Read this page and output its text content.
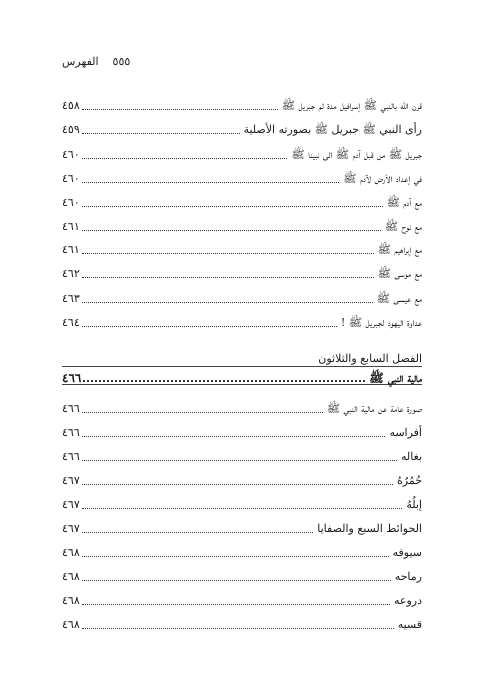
الفهرس ٥٥٥
الفصل السابع والثلاثون
قرن الله بالنبي ﷺ إسرافيل مدة ثم جبريل ﷺ
٤٥٨
رأى النبي ﷺ جبريل ﷺ بصورته الأصلية
٤٥٩
جبريل ﷺ من قبل آدم ﷺ الى نبينا ﷺ
٤٦٠
في إعداد الأرض لآدم ﷺ
٤٦٠
مع آدم ﷺ
٤٦٠
مع نوح ﷺ
٤٦١
مع إبراهيم ﷺ
٤٦١
مع موسى ﷺ
٤٦٢
مع عيسى ﷺ
٤٦٣
عداوة اليهود لجبريل ﷺ !
٤٦٤
مالية النبي ﷺ
٤٦٦
صورة عامة عن مالية النبي ﷺ
٤٦٦
أفراسه
٤٦٦
بغاله
٤٦٦
حُمُرُهُ
٤٦٧
إبلُهُ
٤٦٧
الحوائط السبع والصفايا
٤٦٧
سيوفه
٤٦٨
رماحه
٤٦٨
دروعه
٤٦٨
قسيه
٤٦٨
